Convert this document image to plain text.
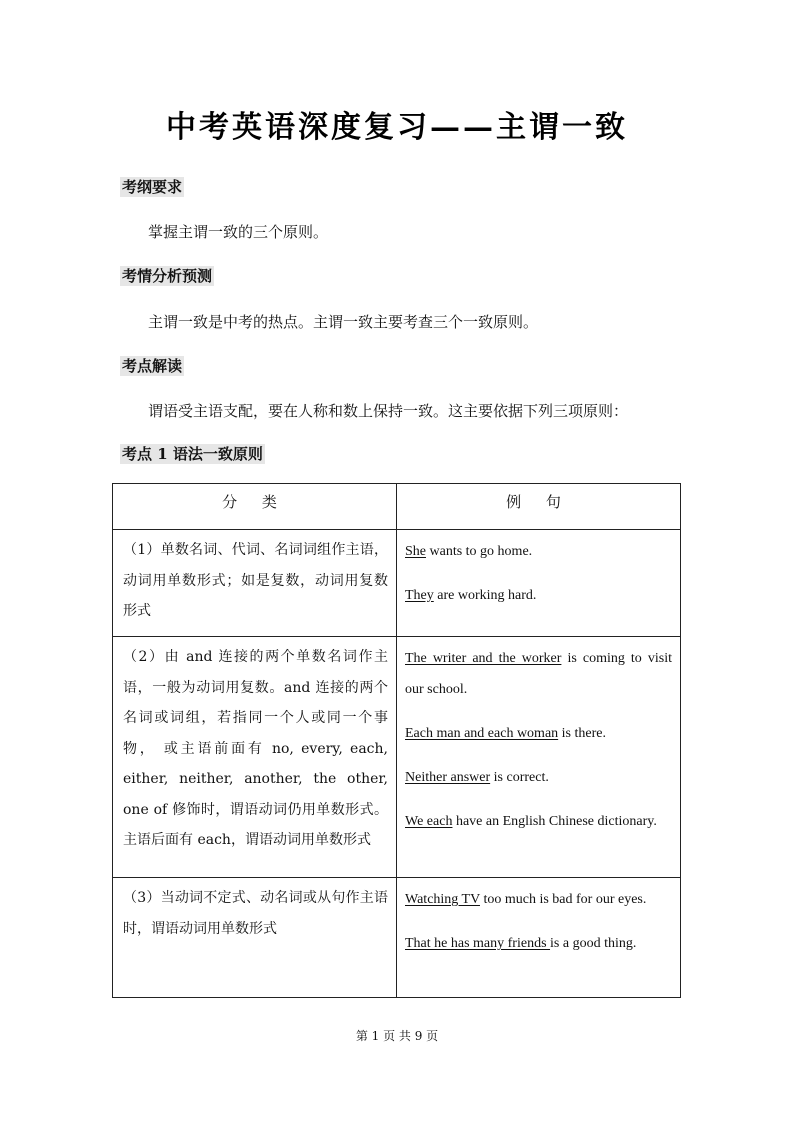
中考英语深度复习——主谓一致
考纲要求
掌握主谓一致的三个原则。
考情分析预测
主谓一致是中考的热点。主谓一致主要考查三个一致原则。
考点解读
谓语受主语支配，要在人称和数上保持一致。这主要依据下列三项原则：
考点 1 语法一致原则
分 类	例 句

（1）单数名词、代词、名词词组作主语，动词用单数形式；如是复数，动词用复数形式	She wants to go home.

They are working hard.

（2）由 and 连接的两个单数名词作主语，一般为动词用复数。and 连接的两个名词或词组，若指同一个人或同一个事物， 或主语前面有 no, every, each, either, neither, another, the other, one of 修饰时，谓语动词仍用单数形式。主语后面有 each，谓语动词用单数形式	The writer and the worker is coming to visit our school.

Each man and each woman is there.

Neither answer is correct.

We each have an English Chinese dictionary.

（3）当动词不定式、动名词或从句作主语时，谓语动词用单数形式	Watching TV too much is bad for our eyes.

That he has many friends is a good thing.

第 1 页 共 9 页
